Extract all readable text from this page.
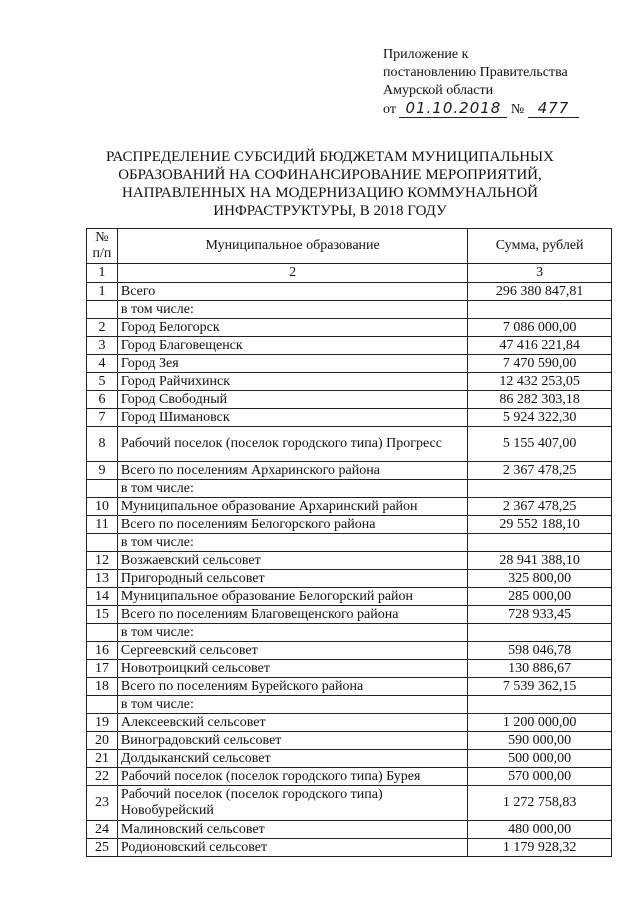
Приложение к
постановлению Правительства
Амурской области
от 01.10.2018 № 477
РАСПРЕДЕЛЕНИЕ СУБСИДИЙ БЮДЖЕТАМ МУНИЦИПАЛЬНЫХ
ОБРАЗОВАНИЙ НА СОФИНАНСИРОВАНИЕ МЕРОПРИЯТИЙ,
НАПРАВЛЕННЫХ НА МОДЕРНИЗАЦИЮ КОММУНАЛЬНОЙ
ИНФРАСТРУКТУРЫ, В 2018 ГОДУ
№ п/п	Муниципальное образование	Сумма, рублей
1	2	3
1	Всего	296 380 847,81
	в том числе:	
2	Город Белогорск	7 086 000,00
3	Город Благовещенск	47 416 221,84
4	Город Зея	7 470 590,00
5	Город Райчихинск	12 432 253,05
6	Город Свободный	86 282 303,18
7	Город Шимановск	5 924 322,30
8	Рабочий поселок (поселок городского типа) Прогресс	5 155 407,00
9	Всего по поселениям Архаринского района	2 367 478,25
	в том числе:	
10	Муниципальное образование Архаринский район	2 367 478,25
11	Всего по поселениям Белогорского района	29 552 188,10
	в том числе:	
12	Возжаевский сельсовет	28 941 388,10
13	Пригородный сельсовет	325 800,00
14	Муниципальное образование Белогорский район	285 000,00
15	Всего по поселениям Благовещенского района	728 933,45
	в том числе:	
16	Сергеевский сельсовет	598 046,78
17	Новотроицкий сельсовет	130 886,67
18	Всего по поселениям Бурейского района	7 539 362,15
	в том числе:	
19	Алексеевский сельсовет	1 200 000,00
20	Виноградовский сельсовет	590 000,00
21	Долдыканский сельсовет	500 000,00
22	Рабочий поселок (поселок городского типа) Бурея	570 000,00
23	Рабочий поселок (поселок городского типа) Новобурейский	1 272 758,83
24	Малиновский сельсовет	480 000,00
25	Родионовский сельсовет	1 179 928,32
